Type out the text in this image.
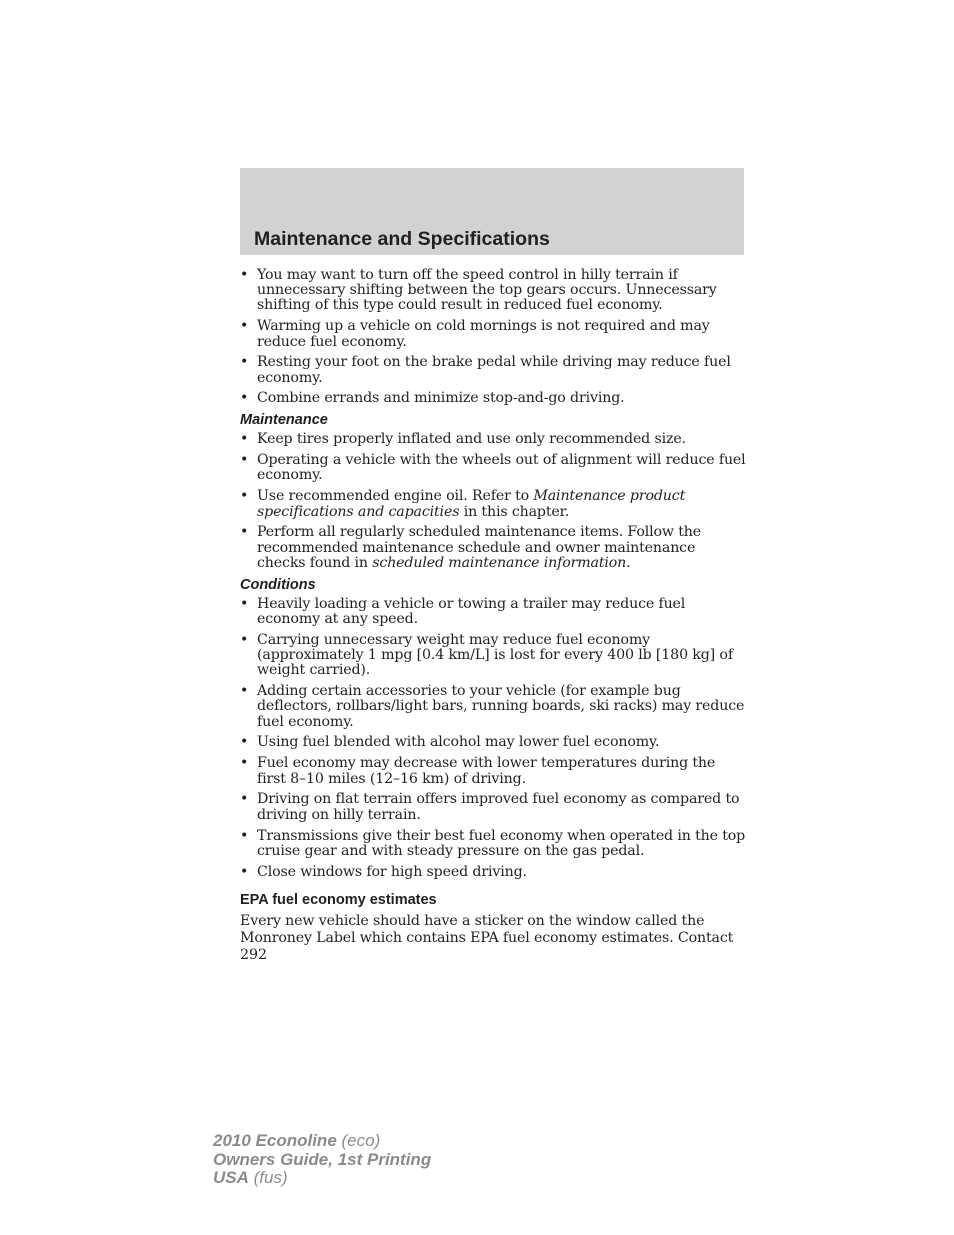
Maintenance and Specifications
• You may want to turn off the speed control in hilly terrain if unnecessary shifting between the top gears occurs. Unnecessary shifting of this type could result in reduced fuel economy.
• Warming up a vehicle on cold mornings is not required and may reduce fuel economy.
• Resting your foot on the brake pedal while driving may reduce fuel economy.
• Combine errands and minimize stop-and-go driving.
Maintenance
• Keep tires properly inflated and use only recommended size.
• Operating a vehicle with the wheels out of alignment will reduce fuel economy.
• Use recommended engine oil. Refer to Maintenance product specifications and capacities in this chapter.
• Perform all regularly scheduled maintenance items. Follow the recommended maintenance schedule and owner maintenance checks found in scheduled maintenance information.
Conditions
• Heavily loading a vehicle or towing a trailer may reduce fuel economy at any speed.
• Carrying unnecessary weight may reduce fuel economy (approximately 1 mpg [0.4 km/L] is lost for every 400 lb [180 kg] of weight carried).
• Adding certain accessories to your vehicle (for example bug deflectors, rollbars/light bars, running boards, ski racks) may reduce fuel economy.
• Using fuel blended with alcohol may lower fuel economy.
• Fuel economy may decrease with lower temperatures during the first 8–10 miles (12–16 km) of driving.
• Driving on flat terrain offers improved fuel economy as compared to driving on hilly terrain.
• Transmissions give their best fuel economy when operated in the top cruise gear and with steady pressure on the gas pedal.
• Close windows for high speed driving.
EPA fuel economy estimates

Every new vehicle should have a sticker on the window called the Monroney Label which contains EPA fuel economy estimates. Contact

292

2010 Econoline (eco)
Owners Guide, 1st Printing
USA (fus)
